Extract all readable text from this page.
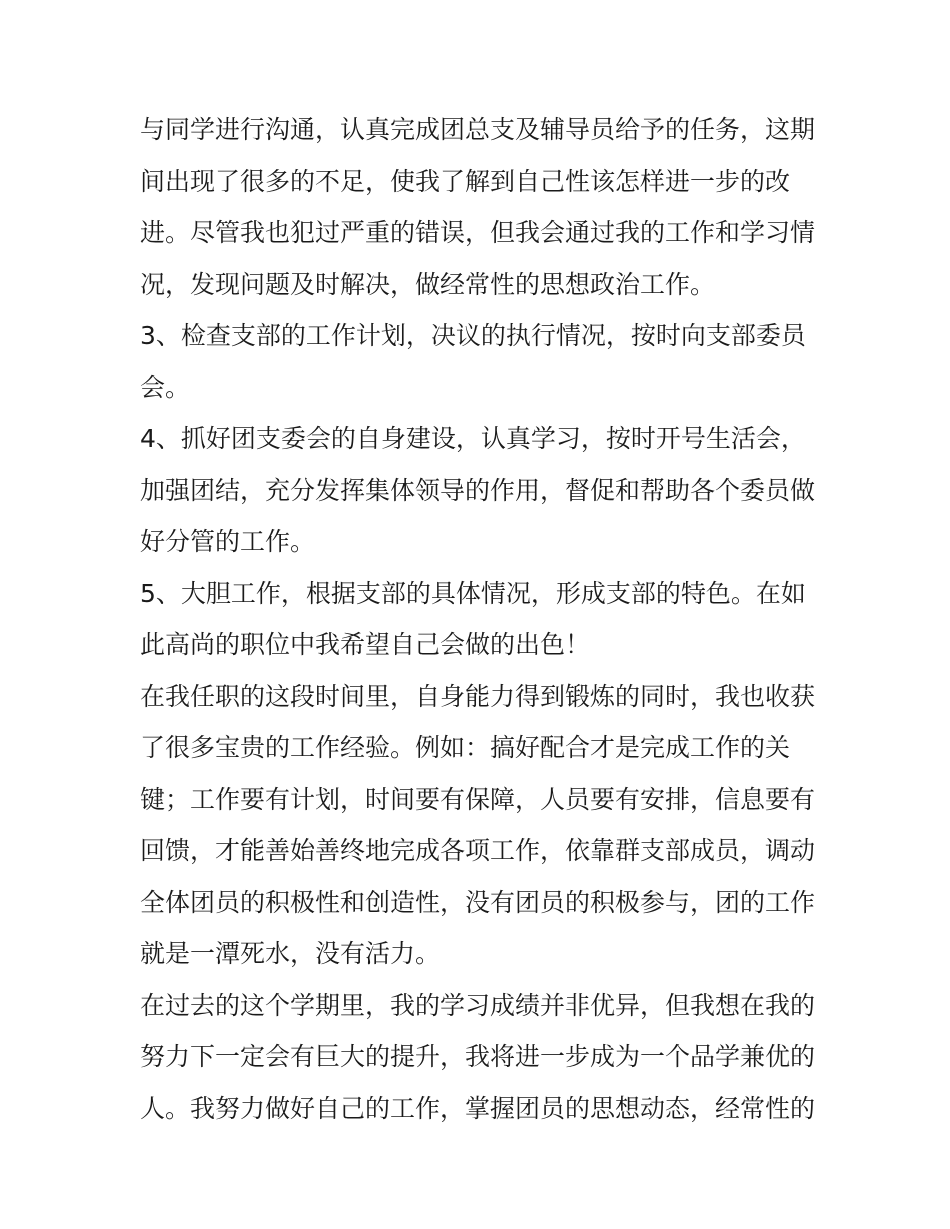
与同学进行沟通，认真完成团总支及辅导员给予的任务，这期
间出现了很多的不足，使我了解到自己性该怎样进一步的改
进。尽管我也犯过严重的错误，但我会通过我的工作和学习情
况，发现问题及时解决，做经常性的思想政治工作。

3、检查支部的工作计划，决议的执行情况，按时向支部委员
会。

4、抓好团支委会的自身建设，认真学习，按时开号生活会，
加强团结，充分发挥集体领导的作用，督促和帮助各个委员做
好分管的工作。

5、大胆工作，根据支部的具体情况，形成支部的特色。在如
此高尚的职位中我希望自己会做的出色！

在我任职的这段时间里，自身能力得到锻炼的同时，我也收获
了很多宝贵的工作经验。例如：搞好配合才是完成工作的关
键；工作要有计划，时间要有保障，人员要有安排，信息要有
回馈，才能善始善终地完成各项工作，依靠群支部成员，调动
全体团员的积极性和创造性，没有团员的积极参与，团的工作
就是一潭死水，没有活力。

在过去的这个学期里，我的学习成绩并非优异，但我想在我的
努力下一定会有巨大的提升，我将进一步成为一个品学兼优的
人。我努力做好自己的工作，掌握团员的思想动态，经常性的
